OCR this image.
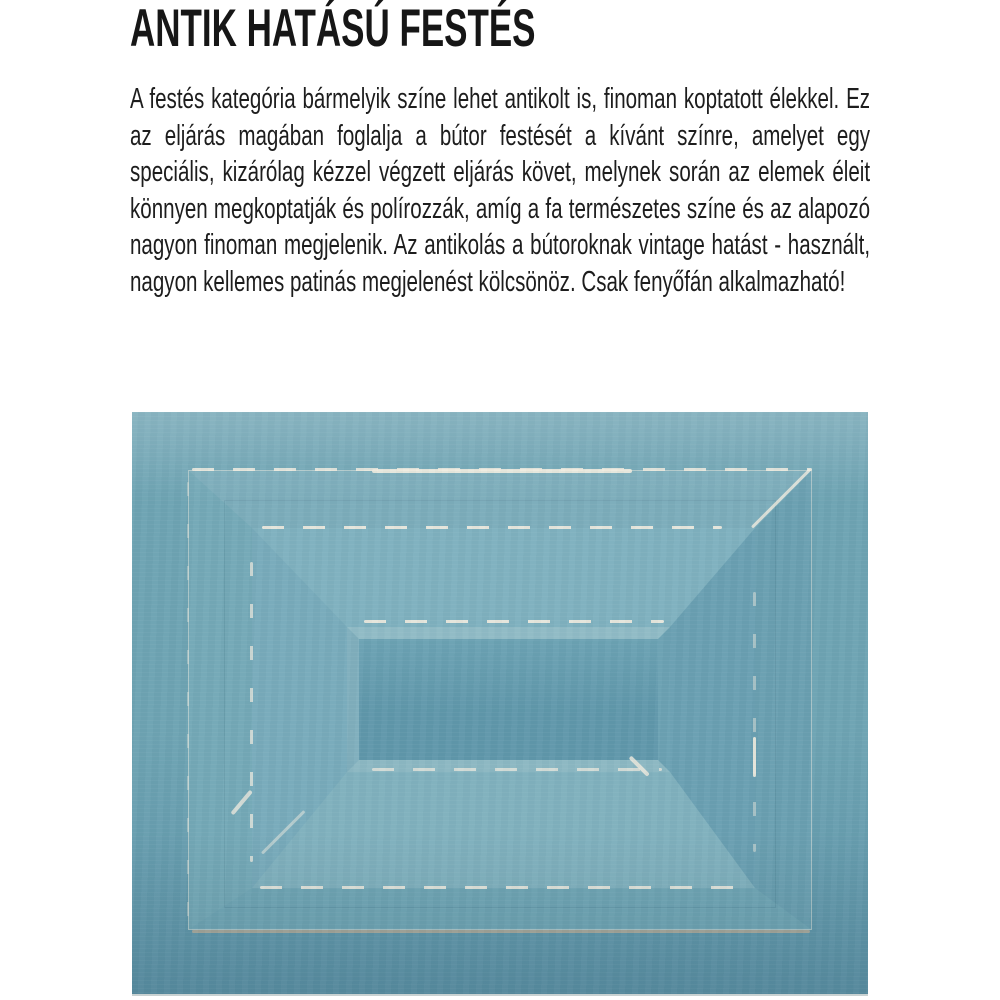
ANTIK HATÁSÚ FESTÉS

A festés kategória bármelyik színe lehet antikolt is, finoman koptatott élekkel. Ez az eljárás magában foglalja a bútor festését a kívánt színre, amelyet egy speciális, kizárólag kézzel végzett eljárás követ, melynek során az elemek éleit könnyen megkoptatják és polírozzák, amíg a fa természetes színe és az alapozó nagyon finoman megjelenik. Az antikolás a bútoroknak vintage hatást - használt, nagyon kellemes patinás megjelenést kölcsönöz. Csak fenyőfán alkalmazható!
